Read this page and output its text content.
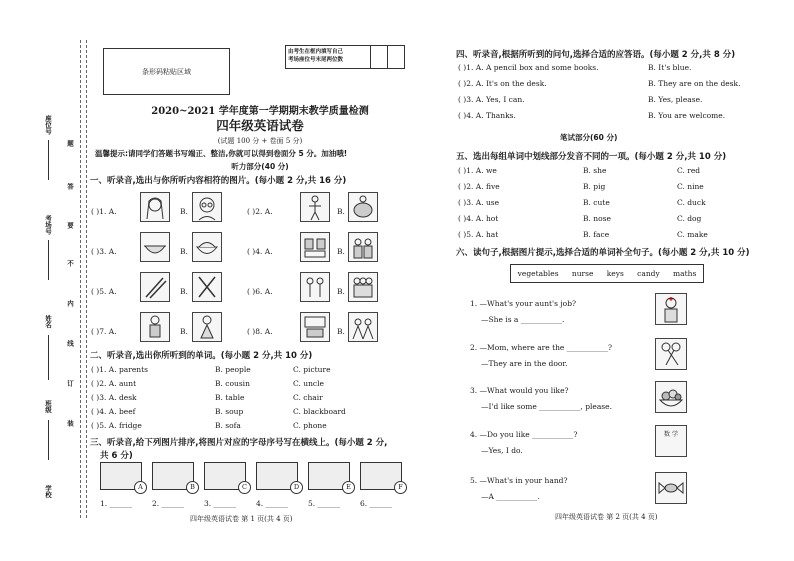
座位号
考场号
姓名
班级
学校
题
答
要
不
内
线
订
装
条形码粘贴区域
由考生在框内填写自己
考场座位号末尾两位数
2020~2021 学年度第一学期期末教学质量检测
四年级英语试卷
(试题 100 分 + 卷面 5 分)
温馨提示:请同学们答题书写端正、整洁,你就可以得到卷面分 5 分。加油哦!
听力部分(40 分)
一、听录音,选出与你所听内容相符的图片。(每小题 2 分,共 16 分)
( )1. A.	B.	( )2. A.	B.
( )3. A.	B.	( )4. A.	B.
( )5. A.	B.	( )6. A.	B.
( )7. A.	B.	( )8. A.	B.
二、听录音,选出你所听到的单词。(每小题 2 分,共 10 分)
( )1. A. parents	B. people	C. picture
( )2. A. aunt	B. cousin	C. uncle
( )3. A. desk	B. table	C. chair
( )4. A. beef	B. soup	C. blackboard
( )5. A. fridge	B. sofa	C. phone
三、听录音,给下列图片排序,将图片对应的字母序号写在横线上。(每小题 2 分,
共 6 分)
A	B	C	D	E	F
1. ______	2. ______	3. ______	4. ______	5. ______	6. ______
四年级英语试卷 第 1 页(共 4 页)
四、听录音,根据所听到的问句,选择合适的应答语。(每小题 2 分,共 8 分)
( )1. A. A pencil box and some books.	B. It's blue.
( )2. A. It's on the desk.	B. They are on the desk.
( )3. A. Yes, I can.	B. Yes, please.
( )4. A. Thanks.	B. You are welcome.
笔试部分(60 分)
五、选出每组单词中划线部分发音不同的一项。(每小题 2 分,共 10 分)
( )1. A. we	B. she	C. red
( )2. A. five	B. pig	C. nine
( )3. A. use	B. cute	C. duck
( )4. A. hot	B. nose	C. dog
( )5. A. hat	B. face	C. make
六、读句子,根据图片提示,选择合适的单词补全句子。(每小题 2 分,共 10 分)
vegetables nurse keys candy maths
1. —What's your aunt's job?
—She is a ___________.
2. —Mom, where are the ___________?
—They are in the door.
3. —What would you like?
—I'd like some ___________, please.
4. —Do you like ___________?
—Yes, I do.
数 学
5. —What's in your hand?
—A ___________.
四年级英语试卷 第 2 页(共 4 页)
